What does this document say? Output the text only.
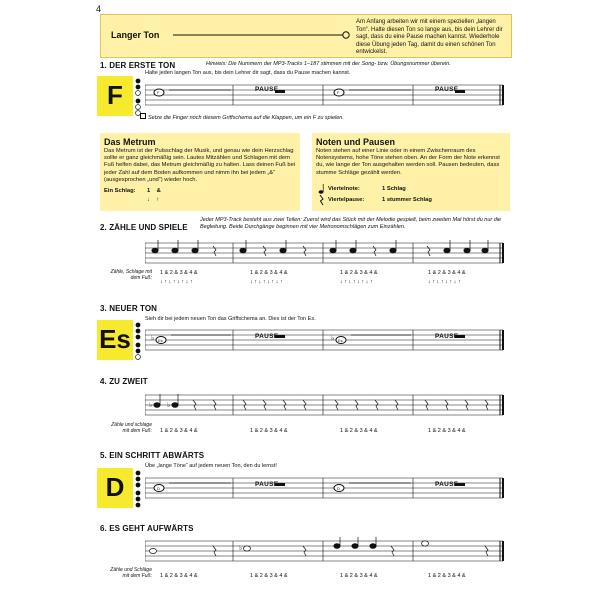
4
Langer Ton
Am Anfang arbeiten wir mit einem speziellen „langen Ton“. Halte diesen Ton so lange aus, bis dein Lehrer dir sagt, dass du eine Pause machen kannst. Wiederhole diese Übung jeden Tag, damit du einen schönen Ton entwickelst.
1. DER ERSTE TON	Hinweis: Die Nummern der MP3-Tracks 1–187 stimmen mit der Song- bzw. Übungsnummer überein.
Halte jeden langen Ton aus, bis dein Lehrer dir sagt, dass du Pause machen kannst.
F	F	F
PAUSE	PAUSE
Setze die Finger noch diesem Griffschema auf die Klappen, um ein F zu spielen.
Das Metrum
Das Metrum ist der Pulsschlag der Musik, und genau wie dein Herzschlag sollte er ganz gleichmäßig sein. Lautes Mitzählen und Schlagen mit dem Fuß helfen dabei, das Metrum gleichmäßig zu halten. Lass deinen Fuß bei jeder Zahl auf dem Boden aufkommen und nimm ihn bei jedem „&“ (ausgesprochen „und“) wieder hoch.
Ein Schlag: 1    &
↓    ↑
Noten und Pausen
Noten stehen auf einer Linie oder in einem Zwischenraum des Notensystems, hohe Töne stehen oben. An der Form der Note erkennst du, wie lange der Ton ausgehalten werden soll. Pausen bedeuten, dass stumme Schläge gezählt werden.
Viertelnote:	1 Schlag
Viertelpause:	1 stummer Schlag
2. ZÄHLE UND SPIELE
Jeder MP3-Track besteht aus zwei Teilen: Zuerst wird das Stück mit der Melodie gespielt, beim zweiten Mal hörst du nur die Begleitung. Beide Durchgänge beginnen mit vier Metronomschlägen zum Einzählen.
Zähle, Schlage mit dem Fuß:
1 & 2 & 3 & 4 &	1 & 2 & 3 & 4 &	1 & 2 & 3 & 4 &	1 & 2 & 3 & 4 &
↓ ↑ ↓ ↑ ↓ ↑ ↓ ↑	↓ ↑ ↓ ↑ ↓ ↑ ↓ ↑	↓ ↑ ↓ ↑ ↓ ↑ ↓ ↑	↓ ↑ ↓ ↑ ↓ ↑ ↓ ↑
3. NEUER TON
Sieh dir bei jedem neuen Ton das Griffschema an. Dies ist der Ton Es.
Es	♭	♭
Es	Es
PAUSE	PAUSE
4. ZU ZWEIT
♭ ♭
Zähle und schlage mit dem Fuß: 1 & 2 & 3 & 4 &	1 & 2 & 3 & 4 &	1 & 2 & 3 & 4 &	1 & 2 & 3 & 4 &
5. EIN SCHRITT ABWÄRTS
Übe „lange Töne“ auf jedem neuen Ton, den du lernst!
D	D	D
PAUSE	PAUSE
6. ES GEHT AUFWÄRTS
♭
Zähle und Schläge mit dem Fuß: 1 & 2 & 3 & 4 &	1 & 2 & 3 & 4 &	1 & 2 & 3 & 4 &	1 & 2 & 3 & 4 &
